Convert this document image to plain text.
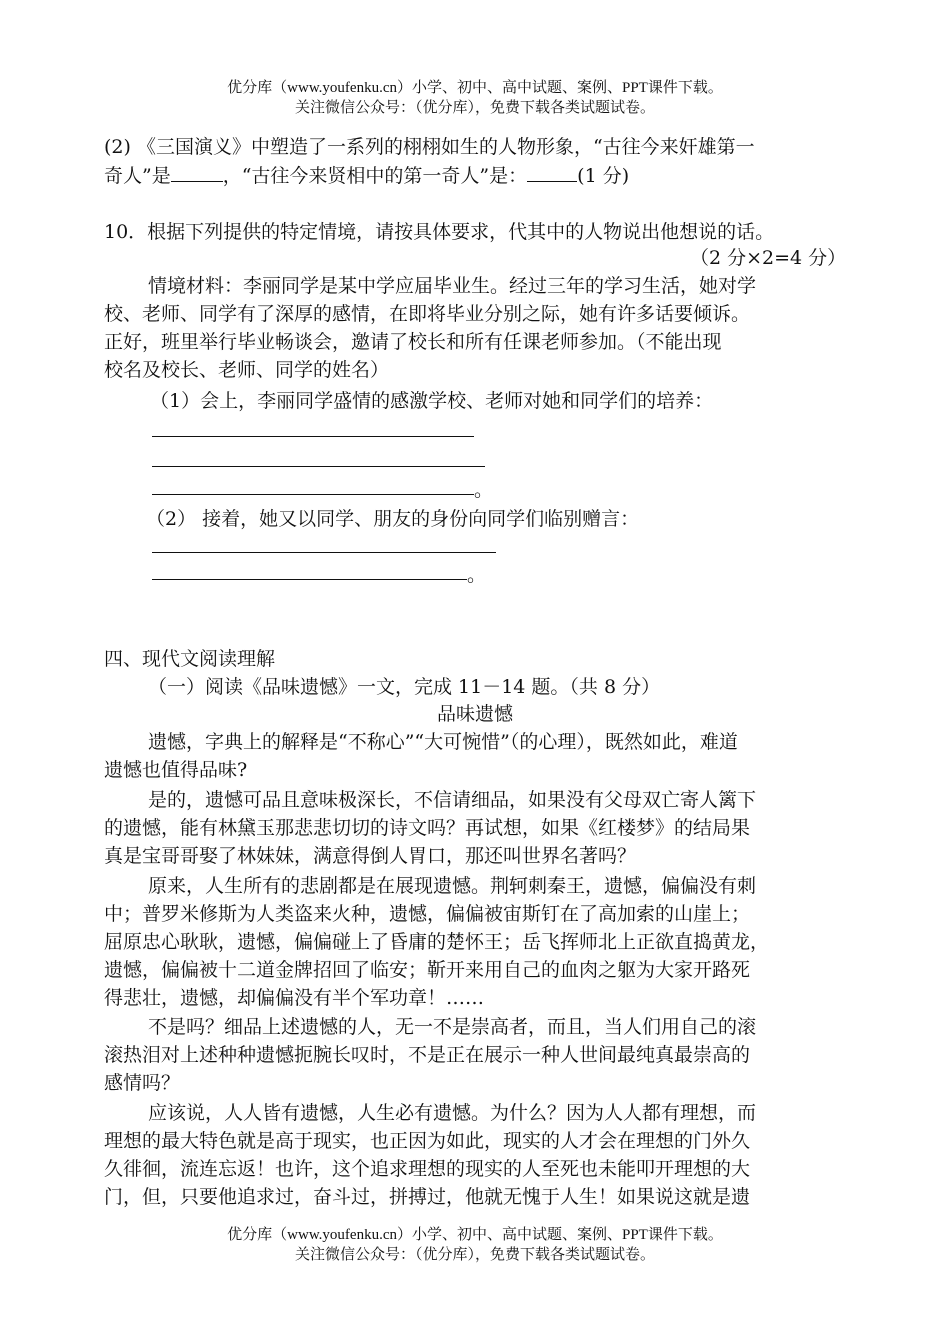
优分库（www.youfenku.cn）小学、初中、高中试题、案例、PPT课件下载。
关注微信公众号：（优分库），免费下载各类试题试卷。
(2) 《三国演义》中塑造了一系列的栩栩如生的人物形象，“古往今来奸雄第一
奇人”是	，“古往今来贤相中的第一奇人”是：	(1 分)
10．根据下列提供的特定情境，请按具体要求，代其中的人物说出他想说的话。
（2 分×2=4 分）
情境材料：李丽同学是某中学应届毕业生。经过三年的学习生活，她对学
校、老师、同学有了深厚的感情，在即将毕业分别之际，她有许多话要倾诉。
正好，班里举行毕业畅谈会，邀请了校长和所有任课老师参加。（不能出现
校名及校长、老师、同学的姓名）
（1）会上，李丽同学盛情的感激学校、老师对她和同学们的培养：
。
（2） 接着，她又以同学、朋友的身份向同学们临别赠言：
。
四、现代文阅读理解
（一）阅读《品味遗憾》一文，完成 11－14 题。（共 8 分）
品味遗憾
遗憾，字典上的解释是“不称心”“大可惋惜”（的心理），既然如此，难道
遗憾也值得品味?
是的，遗憾可品且意味极深长，不信请细品，如果没有父母双亡寄人篱下
的遗憾，能有林黛玉那悲悲切切的诗文吗？再试想，如果《红楼梦》的结局果
真是宝哥哥娶了林妹妹，满意得倒人胃口，那还叫世界名著吗？
原来，人生所有的悲剧都是在展现遗憾。荆轲刺秦王，遗憾，偏偏没有刺
中；普罗米修斯为人类盗来火种，遗憾，偏偏被宙斯钉在了高加索的山崖上；
屈原忠心耿耿，遗憾，偏偏碰上了昏庸的楚怀王；岳飞挥师北上正欲直捣黄龙，
遗憾，偏偏被十二道金牌招回了临安；靳开来用自己的血肉之躯为大家开路死
得悲壮，遗憾，却偏偏没有半个军功章！……
不是吗？细品上述遗憾的人，无一不是崇高者，而且，当人们用自己的滚
滚热泪对上述种种遗憾扼腕长叹时，不是正在展示一种人世间最纯真最崇高的
感情吗？
应该说，人人皆有遗憾，人生必有遗憾。为什么？因为人人都有理想，而
理想的最大特色就是高于现实，也正因为如此，现实的人才会在理想的门外久
久徘徊，流连忘返！也许，这个追求理想的现实的人至死也未能叩开理想的大
门，但，只要他追求过，奋斗过，拼搏过，他就无愧于人生！如果说这就是遗
优分库（www.youfenku.cn）小学、初中、高中试题、案例、PPT课件下载。
关注微信公众号：（优分库），免费下载各类试题试卷。
